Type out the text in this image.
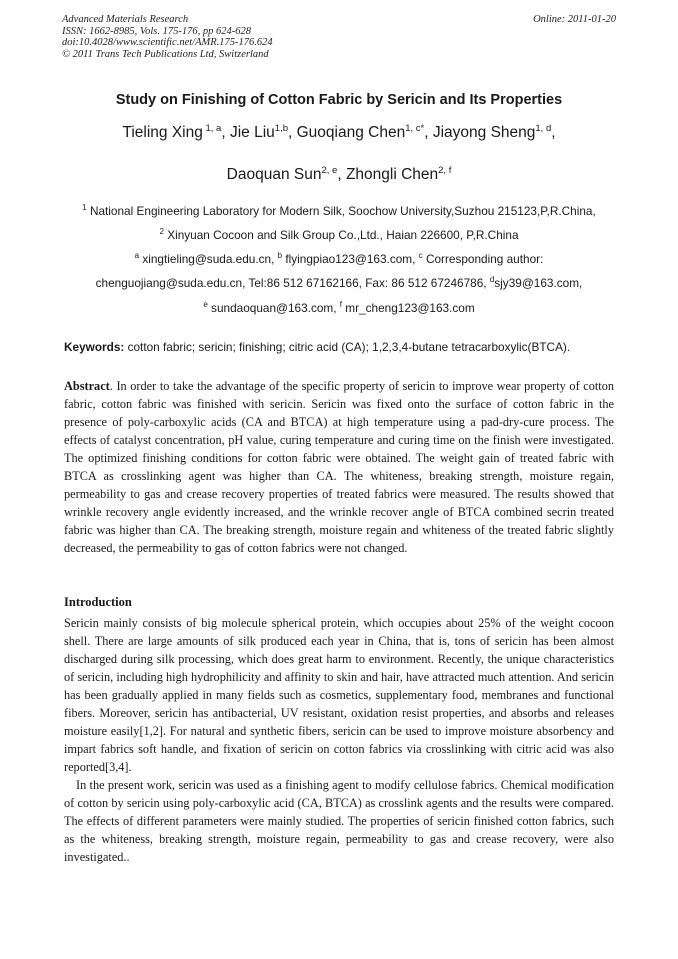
Advanced Materials Research
ISSN: 1662-8985, Vols. 175-176, pp 624-628
doi:10.4028/www.scientific.net/AMR.175-176.624
© 2011 Trans Tech Publications Ltd, Switzerland
Online: 2011-01-20
Study on Finishing of Cotton Fabric by Sericin and Its Properties
Tieling Xing $^{1, a}$, Jie Liu$^{1,b}$, Guoqiang Chen$^{1, c*}$, Jiayong Sheng$^{1, d}$,
Daoquan Sun$^{2, e}$, Zhongli Chen$^{2, f}$
$^1$ National Engineering Laboratory for Modern Silk, Soochow University,Suzhou 215123,P,R.China,
$^2$ Xinyuan Cocoon and Silk Group Co.,Ltd., Haian 226600, P,R.China
$^a$ xingtieling@suda.edu.cn, $^b$ flyingpiao123@163.com, $^c$ Corresponding author:
chenguojiang@suda.edu.cn, Tel:86 512 67162166, Fax: 86 512 67246786, $^d$sjy39@163.com,
$^e$ sundaoquan@163.com, $^f$ mr_cheng123@163.com
Keywords: cotton fabric; sericin; finishing; citric acid (CA); 1,2,3,4-butane tetracarboxylic(BTCA).
Abstract. In order to take the advantage of the specific property of sericin to improve wear property of cotton fabric, cotton fabric was finished with sericin. Sericin was fixed onto the surface of cotton fabric in the presence of poly-carboxylic acids (CA and BTCA) at high temperature using a pad-dry-cure process. The effects of catalyst concentration, pH value, curing temperature and curing time on the finish were investigated. The optimized finishing conditions for cotton fabric were obtained. The weight gain of treated fabric with BTCA as crosslinking agent was higher than CA. The whiteness, breaking strength, moisture regain, permeability to gas and crease recovery properties of treated fabrics were measured. The results showed that wrinkle recovery angle evidently increased, and the wrinkle recover angle of BTCA combined secrin treated fabric was higher than CA. The breaking strength, moisture regain and whiteness of the treated fabric slightly decreased, the permeability to gas of cotton fabrics were not changed.
Introduction
Sericin mainly consists of big molecule spherical protein, which occupies about 25% of the weight cocoon shell. There are large amounts of silk produced each year in China, that is, tons of sericin has been almost discharged during silk processing, which does great harm to environment. Recently, the unique characteristics of sericin, including high hydrophilicity and affinity to skin and hair, have attracted much attention. And sericin has been gradually applied in many fields such as cosmetics, supplementary food, membranes and functional fibers. Moreover, sericin has antibacterial, UV resistant, oxidation resist properties, and absorbs and releases moisture easily[1,2]. For natural and synthetic fibers, sericin can be used to improve moisture absorbency and impart fabrics soft handle, and fixation of sericin on cotton fabrics via crosslinking with citric acid was also reported[3,4].
In the present work, sericin was used as a finishing agent to modify cellulose fabrics. Chemical modification of cotton by sericin using poly-carboxylic acid (CA, BTCA) as crosslink agents and the results were compared. The effects of different parameters were mainly studied. The properties of sericin finished cotton fabrics, such as the whiteness, breaking strength, moisture regain, permeability to gas and crease recovery, were also investigated..
